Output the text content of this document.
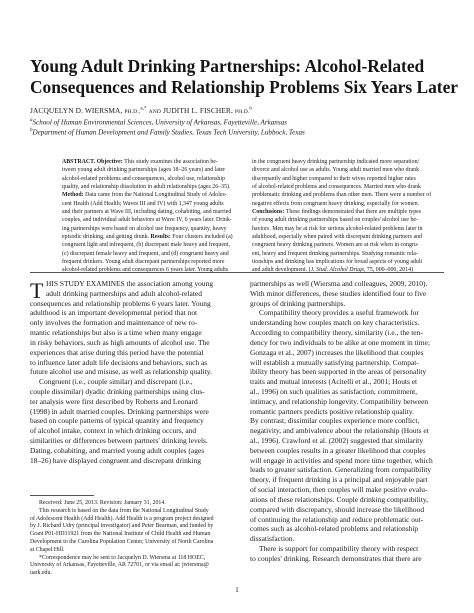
Young Adult Drinking Partnerships: Alcohol-Related
Consequences and Relationship Problems Six Years Later
JACQUELYN D. WIERSMA, PH.D.,$^{a,*}$ AND JUDITH L. FISCHER, PH.D.$^b$
$^a$School of Human Environmental Sciences, University of Arkansas, Fayetteville, Arkansas
$^b$Department of Human Development and Family Studies, Texas Tech University, Lubbock, Texas
ABSTRACT. Objective: This study examines the association be-
tween young adult drinking partnerships (ages 18–26 years) and later
alcohol-related problems and consequences, alcohol use, relationship
quality, and relationship dissolution in adult relationships (ages 26–35).
Method: Data came from the National Longitudinal Study of Adoles-
cent Health (Add Health; Waves III and IV) with 1,347 young adults
and their partners at Wave III, including dating, cohabiting, and married
couples, and individual adult behaviors at Wave IV, 6 years later. Drink-
ing partnerships were based on alcohol use frequency, quantity, heavy
episodic drinking, and getting drunk. Results: Four clusters included (a)
congruent light and infrequent, (b) discrepant male heavy and frequent,
(c) discrepant female heavy and frequent, and (d) congruent heavy and
frequent drinkers. Young adult discrepant partnerships reported more
alcohol-related problems and consequences 6 years later. Young adults
in the congruent heavy drinking partnership indicated more separation/
divorce and alcohol use as adults. Young adult married men who drank
discrepantly and higher compared to their wives reported higher rates
of alcohol-related problems and consequences. Married men who drank
problematic drinking and problems than other men. There were a number of
negative effects from congruent heavy drinking, especially for women.
Conclusions: These findings demonstrated that there are multiple types
of young adult drinking partnerships based on couples' alcohol use be-
haviors. Men may be at risk for serious alcohol-related problems later in
adulthood, especially when paired with discrepant drinking partners and
congruent heavy drinking partners. Women are at risk when in congru-
ent, heavy and frequent drinking partnerships. Studying romantic rela-
tionships and drinking has implications for broad aspects of young adult
and adult development. (J. Stud. Alcohol Drugs, 75, 000–000, 2014)
T HIS STUDY EXAMINES the association among young
adult drinking partnerships and adult alcohol-related
consequences and relationship problems 6 years later. Young
adulthood is an important developmental period that not
only involves the formation and maintenance of new ro-
mantic relationships but also is a time when many engage
in risky behaviors, such as high amounts of alcohol use. The
experiences that arise during this period have the potential
to influence later adult life decisions and behaviors, such as
future alcohol use and misuse, as well as relationship quality.
Congruent (i.e., couple similar) and discrepant (i.e.,
couple dissimilar) dyadic drinking partnerships using clus-
ter analysis were first described by Roberts and Leonard
(1998) in adult married couples. Drinking partnerships were
based on couple patterns of typical quantity and frequency
of alcohol intake, context in which drinking occurs, and
similarities or differences between partners' drinking levels.
Dating, cohabiting, and married young adult couples (ages
18–26) have displayed congruent and discrepant drinking
partnerships as well (Wiersma and colleagues, 2009, 2010).
With minor differences, these studies identified four to five
groups of drinking partnerships.
Compatibility theory provides a useful framework for
understanding how couples match on key characteristics.
According to compatibility theory, similarity (i.e., the ten-
dency for two individuals to be alike at one moment in time;
Gonzaga et al., 2007) increases the likelihood that couples
will establish a mutually satisfying partnership. Compat-
ibility theory has been supported in the areas of personality
traits and mutual interests (Acitelli et al., 2001; Houts et
al., 1996) on such qualities as satisfaction, commitment,
intimacy, and relationship longevity. Compatibility between
romantic partners predicts positive relationship quality.
By contrast, dissimilar couples experience more conflict,
negativity, and ambivalence about the relationship (Houts et
al., 1996). Crawford et al. (2002) suggested that similarity
between couples results in a greater likelihood that couples
will engage in activities and spend more time together, which
leads to greater satisfaction. Generalizing from compatibility
theory, if frequent drinking is a principal and enjoyable part
of social interaction, then couples will make positive evalu-
ations of these relationships. Couple drinking compatibility,
compared with discrepancy, should increase the likelihood
of continuing the relationship and reduce problematic out-
comes such as alcohol-related problems and relationship
dissatisfaction.
There is support for compatibility theory with respect
to couples' drinking. Research demonstrates that there are
Received: June 25, 2013. Revision: January 31, 2014.
This research is based on the data from the National Longitudinal Study
of Adolescent Health (Add Health). Add Health is a program project designed
by J. Richard Udry (principal investigator) and Peter Bearman, and funded by
Grant P01-HD31921 from the National Institute of Child Health and Human
Development to the Carolina Population Center, University of North Carolina
at Chapel Hill.
*Correspondence may be sent to Jacquelyn D. Wiersma at 118 HOEC,
University of Arkansas, Fayetteville, AR 72701, or via email at: jwiersma@
uark.edu.
1
